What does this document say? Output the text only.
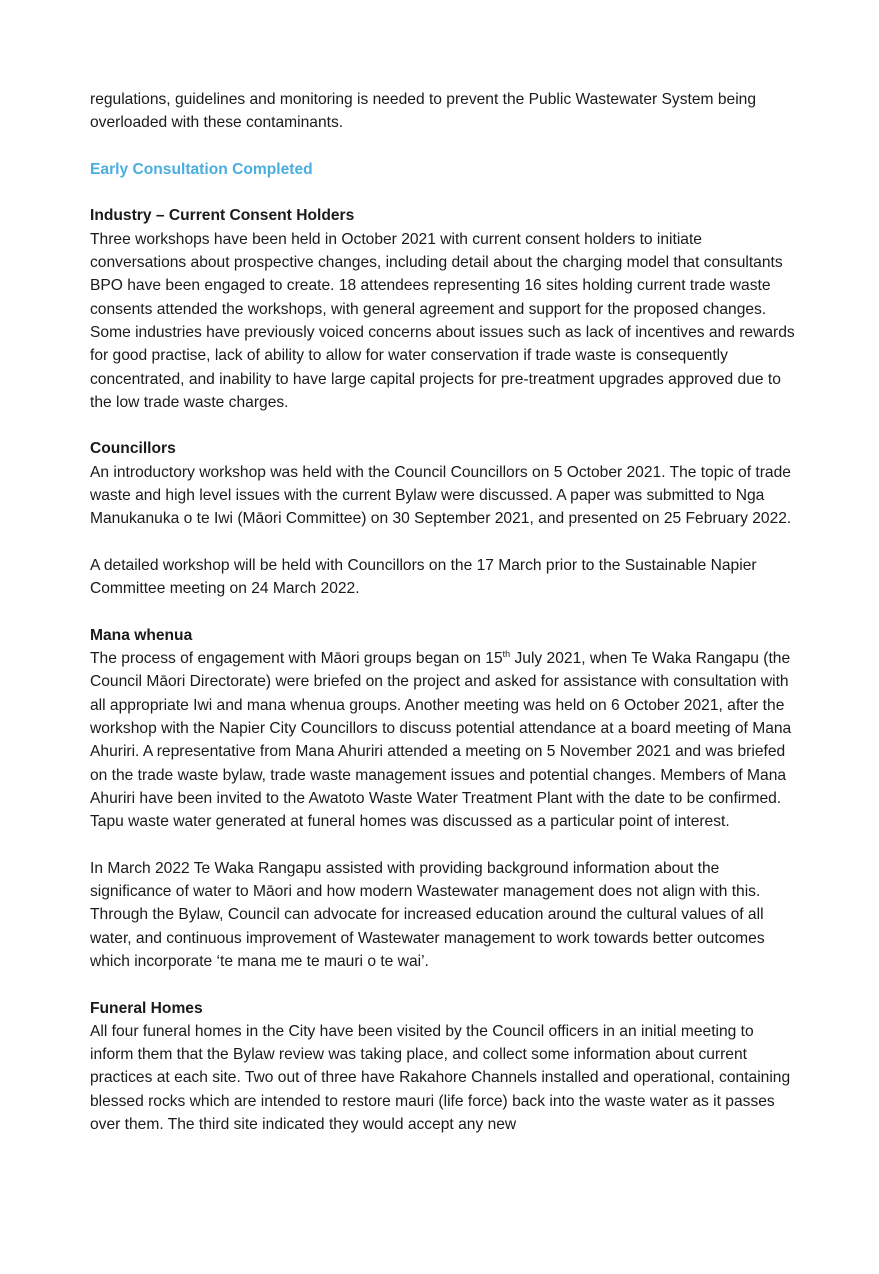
regulations, guidelines and monitoring is needed to prevent the Public Wastewater System being overloaded with these contaminants.

Early Consultation Completed

Industry – Current Consent Holders

Three workshops have been held in October 2021 with current consent holders to initiate conversations about prospective changes, including detail about the charging model that consultants BPO have been engaged to create. 18 attendees representing 16 sites holding current trade waste consents attended the workshops, with general agreement and support for the proposed changes. Some industries have previously voiced concerns about issues such as lack of incentives and rewards for good practise, lack of ability to allow for water conservation if trade waste is consequently concentrated, and inability to have large capital projects for pre-treatment upgrades approved due to the low trade waste charges.

Councillors

An introductory workshop was held with the Council Councillors on 5 October 2021. The topic of trade waste and high level issues with the current Bylaw were discussed. A paper was submitted to Nga Manukanuka o te Iwi (Māori Committee) on 30 September 2021, and presented on 25 February 2022.

A detailed workshop will be held with Councillors on the 17 March prior to the Sustainable Napier Committee meeting on 24 March 2022.

Mana whenua

The process of engagement with Māori groups began on 15th July 2021, when Te Waka Rangapu (the Council Māori Directorate) were briefed on the project and asked for assistance with consultation with all appropriate Iwi and mana whenua groups. Another meeting was held on 6 October 2021, after the workshop with the Napier City Councillors to discuss potential attendance at a board meeting of Mana Ahuriri. A representative from Mana Ahuriri attended a meeting on 5 November 2021 and was briefed on the trade waste bylaw, trade waste management issues and potential changes. Members of Mana Ahuriri have been invited to the Awatoto Waste Water Treatment Plant with the date to be confirmed. Tapu waste water generated at funeral homes was discussed as a particular point of interest.

In March 2022 Te Waka Rangapu assisted with providing background information about the significance of water to Māori and how modern Wastewater management does not align with this. Through the Bylaw, Council can advocate for increased education around the cultural values of all water, and continuous improvement of Wastewater management to work towards better outcomes which incorporate ‘te mana me te mauri o te wai’.

Funeral Homes

All four funeral homes in the City have been visited by the Council officers in an initial meeting to inform them that the Bylaw review was taking place, and collect some information about current practices at each site. Two out of three have Rakahore Channels installed and operational, containing blessed rocks which are intended to restore mauri (life force) back into the waste water as it passes over them. The third site indicated they would accept any new
